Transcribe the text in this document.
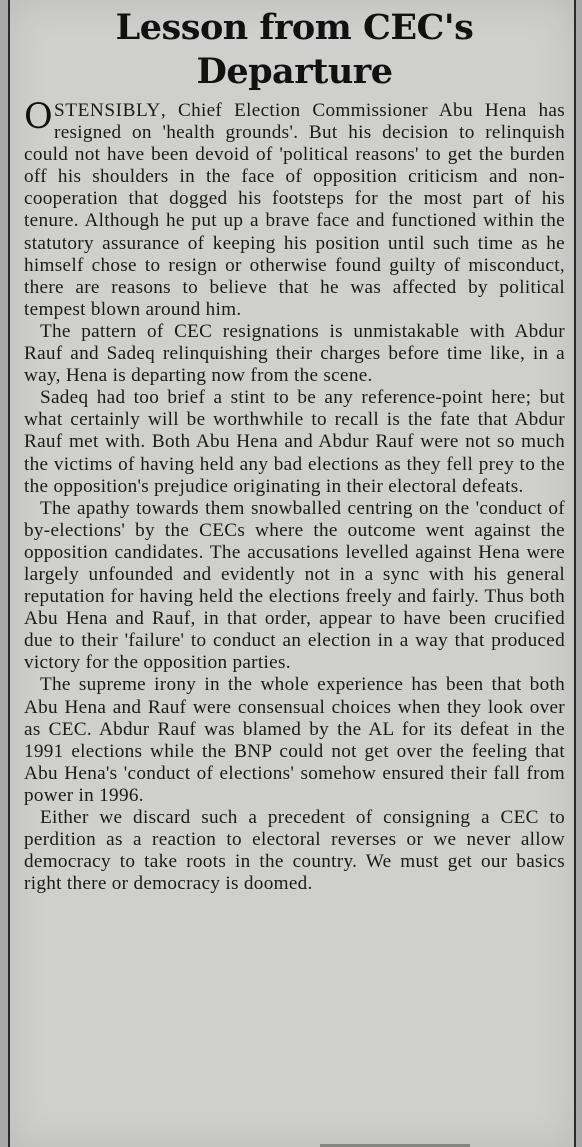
Lesson from CEC's
Departure

OSTENSIBLY, Chief Election Commissioner Abu Hena has resigned on 'health grounds'. But his decision to relinquish could not have been devoid of 'political reasons' to get the burden off his shoulders in the face of opposition criticism and non-cooperation that dogged his footsteps for the most part of his tenure. Although he put up a brave face and functioned within the statutory assurance of keeping his position until such time as he himself chose to resign or otherwise found guilty of misconduct, there are reasons to believe that he was affected by political tempest blown around him.

The pattern of CEC resignations is unmistakable with Abdur Rauf and Sadeq relinquishing their charges before time like, in a way, Hena is departing now from the scene.

Sadeq had too brief a stint to be any reference-point here; but what certainly will be worthwhile to recall is the fate that Abdur Rauf met with. Both Abu Hena and Abdur Rauf were not so much the victims of having held any bad elections as they fell prey to the the opposition's prejudice originating in their electoral defeats.

The apathy towards them snowballed centring on the 'conduct of by-elections' by the CECs where the outcome went against the opposition candidates. The accusations levelled against Hena were largely unfounded and evidently not in a sync with his general reputation for having held the elections freely and fairly. Thus both Abu Hena and Rauf, in that order, appear to have been crucified due to their 'failure' to conduct an election in a way that produced victory for the opposition parties.

The supreme irony in the whole experience has been that both Abu Hena and Rauf were consensual choices when they look over as CEC. Abdur Rauf was blamed by the AL for its defeat in the 1991 elections while the BNP could not get over the feeling that Abu Hena's 'conduct of elections' somehow ensured their fall from power in 1996.

Either we discard such a precedent of consigning a CEC to perdition as a reaction to electoral reverses or we never allow democracy to take roots in the country. We must get our basics right there or democracy is doomed.
